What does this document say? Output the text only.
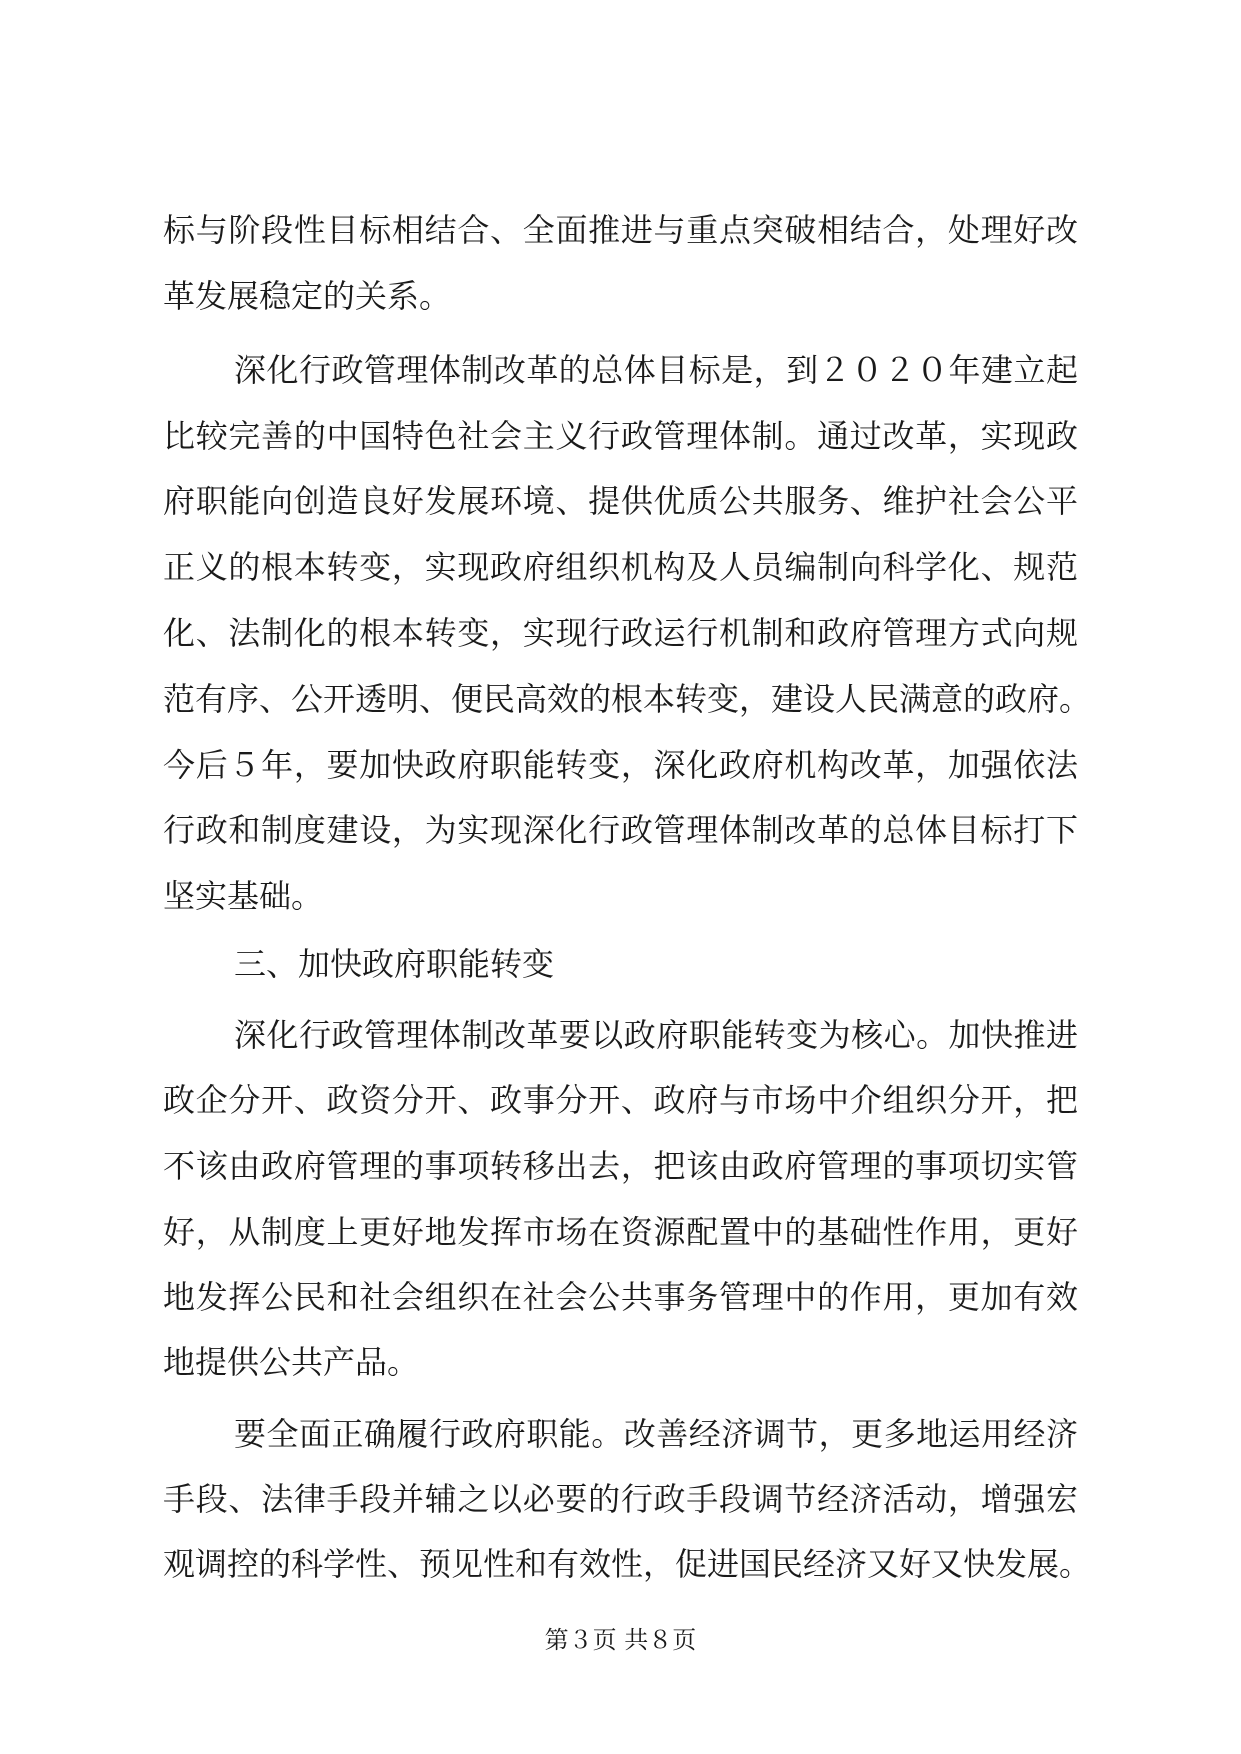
标与阶段性目标相结合、全面推进与重点突破相结合，处理好改
革发展稳定的关系。
深化行政管理体制改革的总体目标是，到２０２０年建立起
比较完善的中国特色社会主义行政管理体制。通过改革，实现政
府职能向创造良好发展环境、提供优质公共服务、维护社会公平
正义的根本转变，实现政府组织机构及人员编制向科学化、规范
化、法制化的根本转变，实现行政运行机制和政府管理方式向规
范有序、公开透明、便民高效的根本转变，建设人民满意的政府。
今后５年，要加快政府职能转变，深化政府机构改革，加强依法
行政和制度建设，为实现深化行政管理体制改革的总体目标打下
坚实基础。
三、加快政府职能转变
深化行政管理体制改革要以政府职能转变为核心。加快推进
政企分开、政资分开、政事分开、政府与市场中介组织分开，把
不该由政府管理的事项转移出去，把该由政府管理的事项切实管
好，从制度上更好地发挥市场在资源配置中的基础性作用，更好
地发挥公民和社会组织在社会公共事务管理中的作用，更加有效
地提供公共产品。
要全面正确履行政府职能。改善经济调节，更多地运用经济
手段、法律手段并辅之以必要的行政手段调节经济活动，增强宏
观调控的科学性、预见性和有效性，促进国民经济又好又快发展。
第３页 共８页
